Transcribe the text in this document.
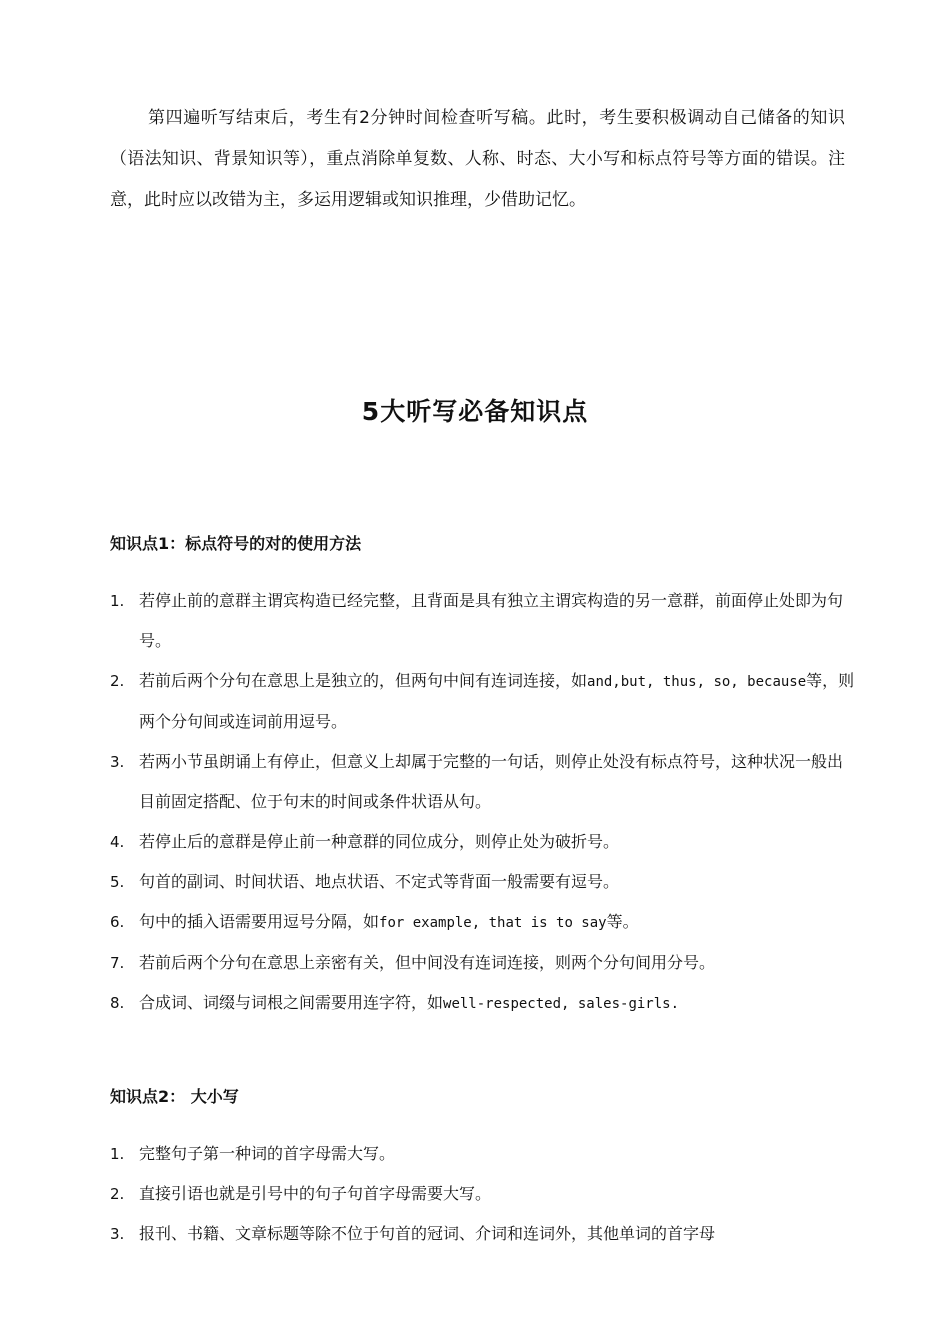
第四遍听写结束后，考生有2分钟时间检查听写稿。此时，考生要积极调动自己储备的知识（语法知识、背景知识等），重点消除单复数、人称、时态、大小写和标点符号等方面的错误。注意，此时应以改错为主，多运用逻辑或知识推理，少借助记忆。

5大听写必备知识点
知识点1：标点符号的对的使用方法
1. 若停止前的意群主谓宾构造已经完整，且背面是具有独立主谓宾构造的另一意群，前面停止处即为句号。
2. 若前后两个分句在意思上是独立的，但两句中间有连词连接，如and,but, thus, so, because等，则两个分句间或连词前用逗号。
3. 若两小节虽朗诵上有停止，但意义上却属于完整的一句话，则停止处没有标点符号，这种状况一般出目前固定搭配、位于句末的时间或条件状语从句。
4. 若停止后的意群是停止前一种意群的同位成分，则停止处为破折号。
5. 句首的副词、时间状语、地点状语、不定式等背面一般需要有逗号。
6. 句中的插入语需要用逗号分隔，如for example, that is to say等。
7. 若前后两个分句在意思上亲密有关，但中间没有连词连接，则两个分句间用分号。
8. 合成词、词缀与词根之间需要用连字符，如well-respected, sales-girls.
知识点2： 大小写
1. 完整句子第一种词的首字母需大写。
2. 直接引语也就是引号中的句子句首字母需要大写。
3. 报刊、书籍、文章标题等除不位于句首的冠词、介词和连词外，其他单词的首字母
